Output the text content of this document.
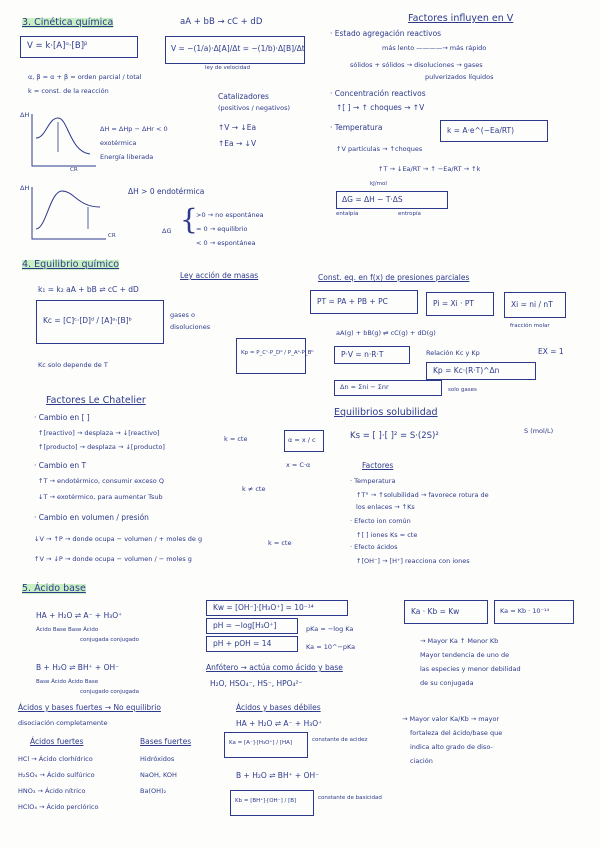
3. Cinética química	aA + bB → cC + dD
V = k·[A]ᵅ·[B]ᵝ	V = −(1/a)·Δ[A]/Δt = −(1/b)·Δ[B]/Δt
ley de velocidad
α, β = α + β = orden parcial / total
k = const. de la reacción
Catalizadores
(positivos / negativos)
↑V → ↓Ea
↑Ea → ↓V
ΔH
ΔH = ΔHp − ΔHr < 0
exotérmica
Energía liberada
CR
ΔH	ΔH > 0 endotérmica
CR
ΔG {
>0 → no espontánea
= 0 → equilibrio
< 0 → espontánea
Factores influyen en V
· Estado agregación reactivos
más lento ————→ más rápido
sólidos + sólidos → disoluciones → gases
pulverizados líquidos
· Concentración reactivos
↑[ ] → ↑ choques → ↑V
· Temperatura	k = A·e^(−Ea/RT)
↑V partículas → ↑choques
↑T → ↓Ea/RT → ↑ −Ea/RT → ↑k
kJ/mol
ΔG = ΔH − T·ΔS
entalpía	entropía
4. Equilibrio químico
Ley acción de masas
k₁ = k₂ aA + bB ⇌ cC + dD
Kc = [C]ᶜ·[D]ᵈ / [A]ᵃ·[B]ᵇ
gases o
disoluciones
Kc solo depende de T
Kp = P_Cᶜ·P_Dᵈ / P_Aᵃ·P_Bᵇ
Const. eq. en f(x) de presiones parciales
PT = PA + PB + PC	Pi = Xi · PT	Xi = ni / nT
fracción molar
aA(g) + bB(g) ⇌ cC(g) + dD(g)
P·V = n·R·T	Relación Kc y Kp	EX = 1
Kp = Kc·(R·T)^Δn
Δn = Σni − Σnr	solo gases
Factores Le Chatelier
· Cambio en [ ]
↑[reactivo] → desplaza → ↓[reactivo]
↑[producto] → desplaza → ↓[producto]
k = cte
· Cambio en T
↑T → endotérmico, consumir exceso Q
↓T → exotérmico, para aumentar Tsub
k ≠ cte
· Cambio en volumen / presión
↓V → ↑P → donde ocupa − volumen / + moles de g
↑V → ↓P → donde ocupa − volumen / − moles g
k = cte
α = x / c
x = C·α
Equilibrios solubilidad
Ks = [ ]·[ ]² = S·(2S)²	S (mol/L)
Factores
· Temperatura
↑T° → ↑solubilidad → favorece rotura de
los enlaces → ↑Ks
· Efecto ion común
↑[ ] iones Ks = cte
· Efecto ácidos
↑[OH⁻] → [H⁺] reacciona con iones
5. Ácido base
HA + H₂O ⇌ A⁻ + H₃O⁺
Ácido Base Base Ácido
conjugada conjugado
B + H₂O ⇌ BH⁺ + OH⁻
Base Ácido Ácido Base
conjugado conjugada
Kw = [OH⁻]·[H₃O⁺] = 10⁻¹⁴
pH = −log[H₃O⁺]
pH + pOH = 14
pKa = −log Ka
Ka = 10^−pKa
Anfótero → actúa como ácido y base
H₂O, HSO₄⁻, HS⁻, HPO₄²⁻
Ka · Kb = Kw	Ka = Kb · 10⁻¹⁴
→ Mayor Ka ↑ Menor Kb
Mayor tendencia de uno de
las especies y menor debilidad
de su conjugada
Ácidos y bases fuertes → No equilibrio
disociación completamente
Ácidos fuertes	Bases fuertes
HCl → Ácido clorhídrico
H₂SO₄ → Ácido sulfúrico
HNO₃ → Ácido nítrico
HClO₄ → Ácido perclórico
Hidróxidos
NaOH, KOH
Ba(OH)₂
Ácidos y bases débiles
HA + H₂O ⇌ A⁻ + H₃O⁺
Ka = [A⁻]·[H₃O⁺] / [HA]	constante de acidez
B + H₂O ⇌ BH⁺ + OH⁻
Kb = [BH⁺]·[OH⁻] / [B]	constante de basicidad
→ Mayor valor Ka/Kb → mayor
fortaleza del ácido/base que
indica alto grado de diso-
ciación
